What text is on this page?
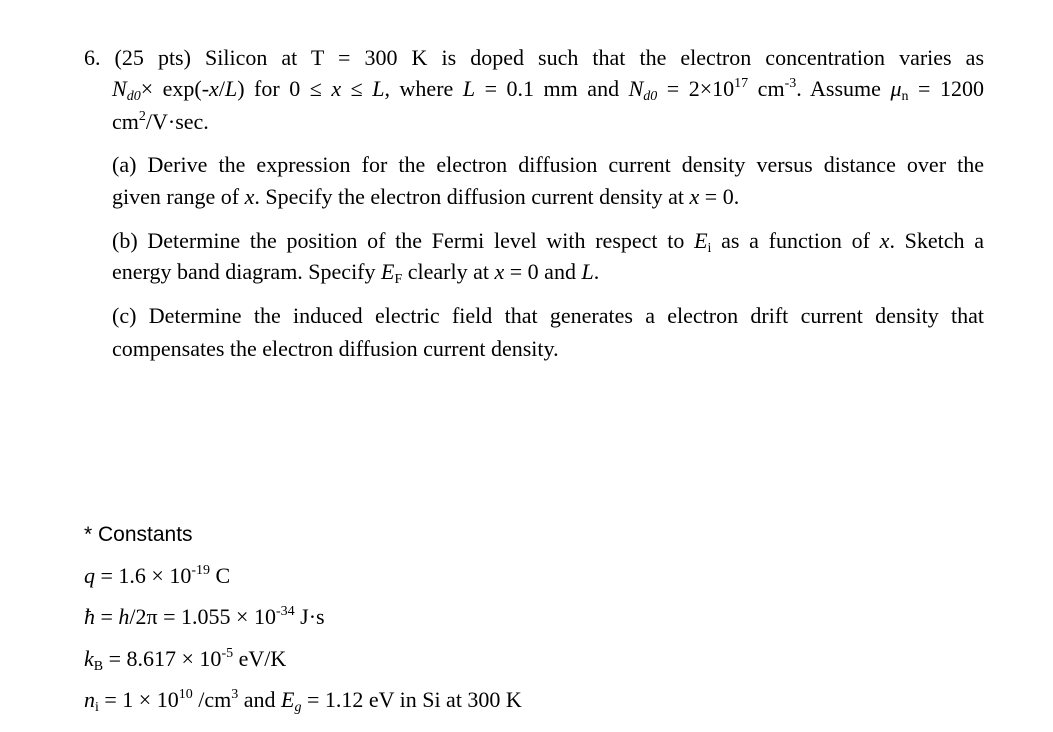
6. (25 pts) Silicon at T = 300 K is doped such that the electron concentration varies as
$N_{d0}\times \exp(-x/L)$ for 0 ≤ x ≤ L, where L = 0.1 mm and $N_{d0} = 2\times 10^{17}$ $cm^{-3}$. Assume $\mu_n = 1200$
$cm^2/V\cdot\sec$.
(a) Derive the expression for the electron diffusion current density versus distance over the
given range of x. Specify the electron diffusion current density at x = 0.
(b) Determine the position of the Fermi level with respect to $E_i$ as a function of x. Sketch a
energy band diagram. Specify $E_F$ clearly at x = 0 and L.
(c) Determine the induced electric field that generates a electron drift current density that
compensates the electron diffusion current density.
* Constants
$q = 1.6 \times 10^{-19}$ C
ħ = $h/2\pi = 1.055 \times 10^{-34}$ J·s
$k_B = 8.617 \times 10^{-5}$ eV/K
$n_i = 1 \times 10^{10}$ $/cm^3$ and $E_g = 1.12$ eV in Si at 300 K
